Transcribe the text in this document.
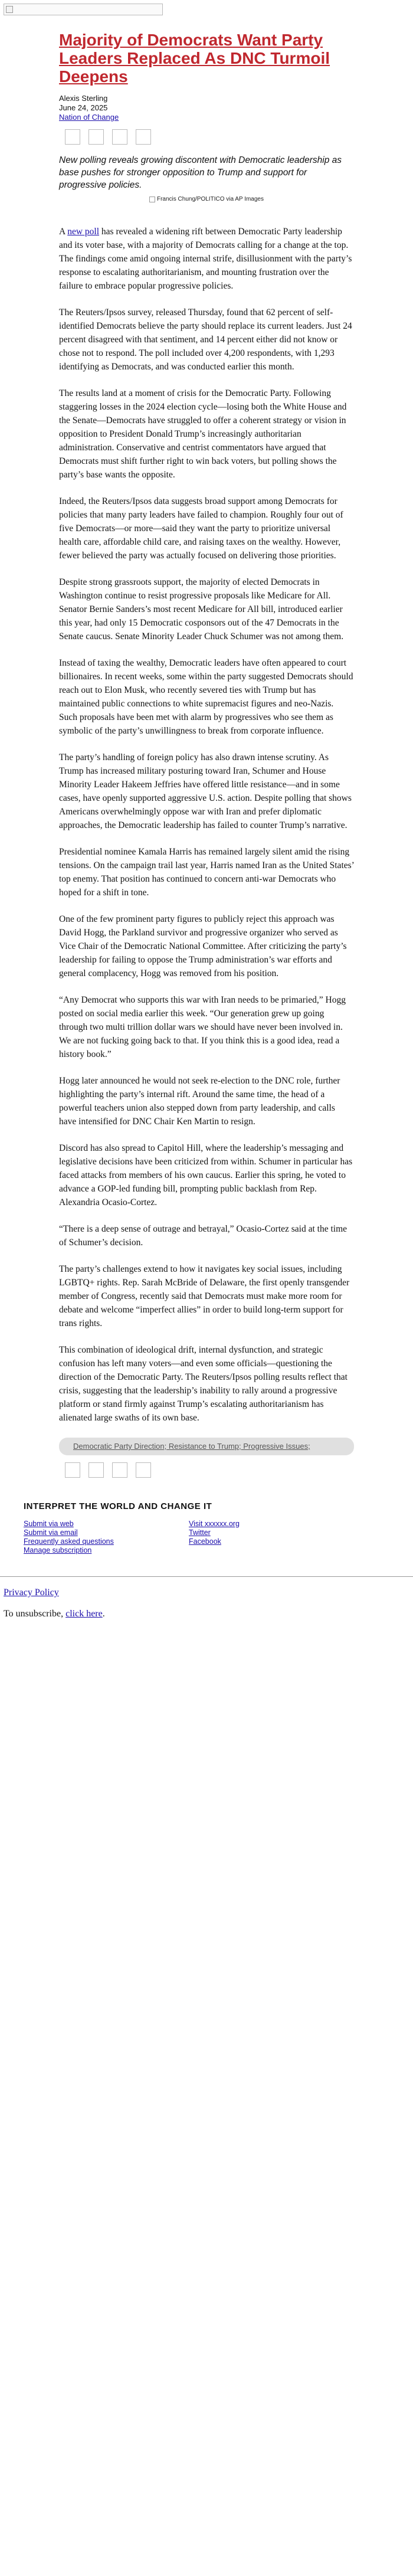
Majority of Democrats Want Party Leaders Replaced As DNC Turmoil Deepens
Alexis Sterling
June 24, 2025
Nation of Change

New polling reveals growing discontent with Democratic leadership as base pushes for stronger opposition to Trump and support for progressive policies.

Francis Chung/POLITICO via AP Images

A new poll has revealed a widening rift between Democratic Party leadership and its voter base, with a majority of Democrats calling for a change at the top. The findings come amid ongoing internal strife, disillusionment with the party’s response to escalating authoritarianism, and mounting frustration over the failure to embrace popular progressive policies.

The Reuters/Ipsos survey, released Thursday, found that 62 percent of self-identified Democrats believe the party should replace its current leaders. Just 24 percent disagreed with that sentiment, and 14 percent either did not know or chose not to respond. The poll included over 4,200 respondents, with 1,293 identifying as Democrats, and was conducted earlier this month.

The results land at a moment of crisis for the Democratic Party. Following staggering losses in the 2024 election cycle—losing both the White House and the Senate—Democrats have struggled to offer a coherent strategy or vision in opposition to President Donald Trump’s increasingly authoritarian administration. Conservative and centrist commentators have argued that Democrats must shift further right to win back voters, but polling shows the party’s base wants the opposite.

Indeed, the Reuters/Ipsos data suggests broad support among Democrats for policies that many party leaders have failed to champion. Roughly four out of five Democrats—or more—said they want the party to prioritize universal health care, affordable child care, and raising taxes on the wealthy. However, fewer believed the party was actually focused on delivering those priorities.

Despite strong grassroots support, the majority of elected Democrats in Washington continue to resist progressive proposals like Medicare for All. Senator Bernie Sanders’s most recent Medicare for All bill, introduced earlier this year, had only 15 Democratic cosponsors out of the 47 Democrats in the Senate caucus. Senate Minority Leader Chuck Schumer was not among them.

Instead of taxing the wealthy, Democratic leaders have often appeared to court billionaires. In recent weeks, some within the party suggested Democrats should reach out to Elon Musk, who recently severed ties with Trump but has maintained public connections to white supremacist figures and neo-Nazis. Such proposals have been met with alarm by progressives who see them as symbolic of the party’s unwillingness to break from corporate influence.

The party’s handling of foreign policy has also drawn intense scrutiny. As Trump has increased military posturing toward Iran, Schumer and House Minority Leader Hakeem Jeffries have offered little resistance—and in some cases, have openly supported aggressive U.S. action. Despite polling that shows Americans overwhelmingly oppose war with Iran and prefer diplomatic approaches, the Democratic leadership has failed to counter Trump’s narrative.

Presidential nominee Kamala Harris has remained largely silent amid the rising tensions. On the campaign trail last year, Harris named Iran as the United States’ top enemy. That position has continued to concern anti-war Democrats who hoped for a shift in tone.

One of the few prominent party figures to publicly reject this approach was David Hogg, the Parkland survivor and progressive organizer who served as Vice Chair of the Democratic National Committee. After criticizing the party’s leadership for failing to oppose the Trump administration’s war efforts and general complacency, Hogg was removed from his position.

“Any Democrat who supports this war with Iran needs to be primaried,” Hogg posted on social media earlier this week. “Our generation grew up going through two multi trillion dollar wars we should have never been involved in. We are not fucking going back to that. If you think this is a good idea, read a history book.”

Hogg later announced he would not seek re-election to the DNC role, further highlighting the party’s internal rift. Around the same time, the head of a powerful teachers union also stepped down from party leadership, and calls have intensified for DNC Chair Ken Martin to resign.

Discord has also spread to Capitol Hill, where the leadership’s messaging and legislative decisions have been criticized from within. Schumer in particular has faced attacks from members of his own caucus. Earlier this spring, he voted to advance a GOP-led funding bill, prompting public backlash from Rep. Alexandria Ocasio-Cortez.

“There is a deep sense of outrage and betrayal,” Ocasio-Cortez said at the time of Schumer’s decision.

The party’s challenges extend to how it navigates key social issues, including LGBTQ+ rights. Rep. Sarah McBride of Delaware, the first openly transgender member of Congress, recently said that Democrats must make more room for debate and welcome “imperfect allies” in order to build long-term support for trans rights.

This combination of ideological drift, internal dysfunction, and strategic confusion has left many voters—and even some officials—questioning the direction of the Democratic Party. The Reuters/Ipsos polling results reflect that crisis, suggesting that the leadership’s inability to rally around a progressive platform or stand firmly against Trump’s escalating authoritarianism has alienated large swaths of its own base.

Democratic Party Direction; Resistance to Trump; Progressive Issues;
INTERPRET THE WORLD AND CHANGE IT
Submit via web
Submit via email
Frequently asked questions
Manage subscription
Visit xxxxxx.org
Twitter
Facebook
Privacy Policy
To unsubscribe, click here.
